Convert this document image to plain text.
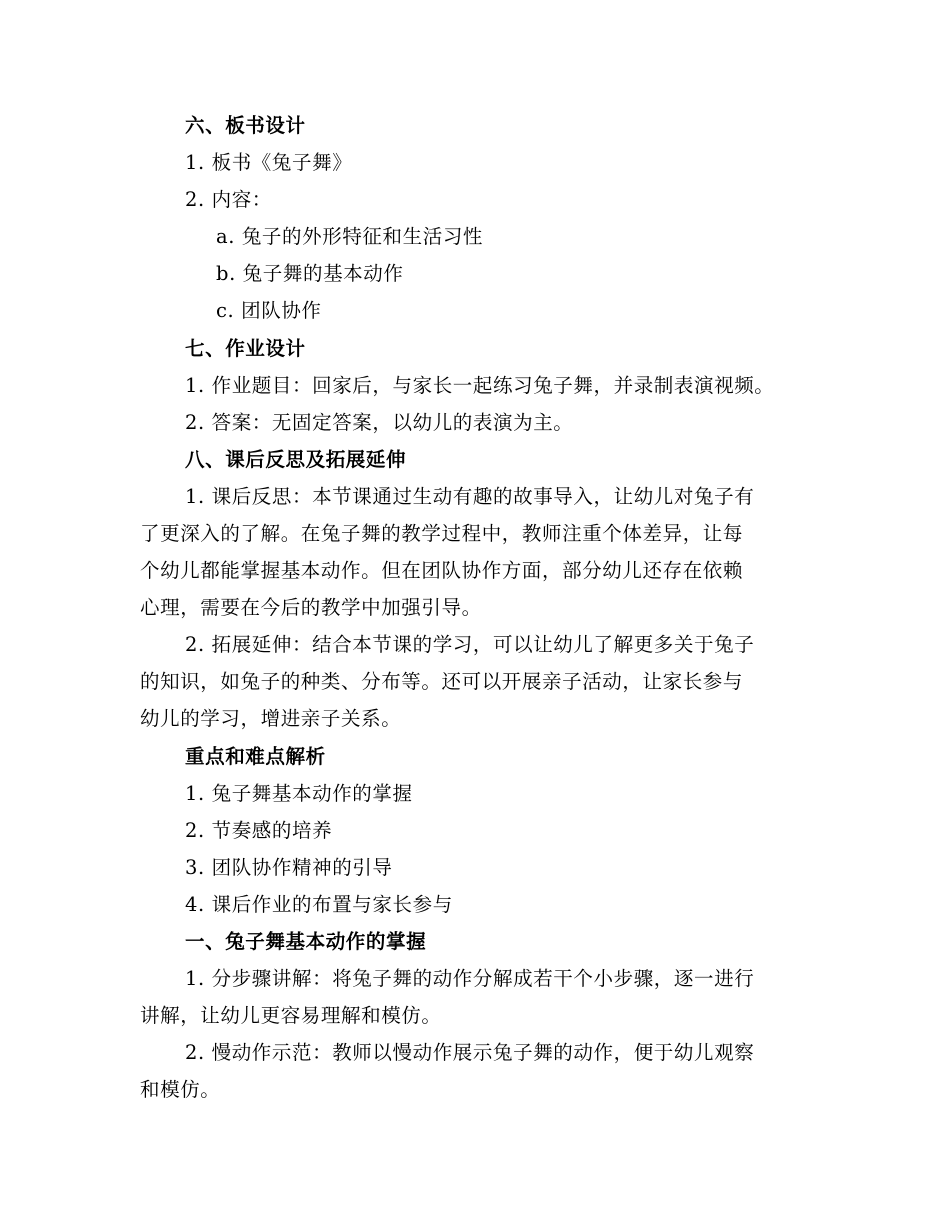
六、板书设计
1. 板书《兔子舞》
2. 内容：
a. 兔子的外形特征和生活习性
b. 兔子舞的基本动作
c. 团队协作
七、作业设计
1. 作业题目：回家后，与家长一起练习兔子舞，并录制表演视频。
2. 答案：无固定答案，以幼儿的表演为主。
八、课后反思及拓展延伸
1. 课后反思：本节课通过生动有趣的故事导入，让幼儿对兔子有
了更深入的了解。在兔子舞的教学过程中，教师注重个体差异，让每
个幼儿都能掌握基本动作。但在团队协作方面，部分幼儿还存在依赖
心理，需要在今后的教学中加强引导。
2. 拓展延伸：结合本节课的学习，可以让幼儿了解更多关于兔子
的知识，如兔子的种类、分布等。还可以开展亲子活动，让家长参与
幼儿的学习，增进亲子关系。
重点和难点解析
1. 兔子舞基本动作的掌握
2. 节奏感的培养
3. 团队协作精神的引导
4. 课后作业的布置与家长参与
一、兔子舞基本动作的掌握
1. 分步骤讲解：将兔子舞的动作分解成若干个小步骤，逐一进行
讲解，让幼儿更容易理解和模仿。
2. 慢动作示范：教师以慢动作展示兔子舞的动作，便于幼儿观察
和模仿。
